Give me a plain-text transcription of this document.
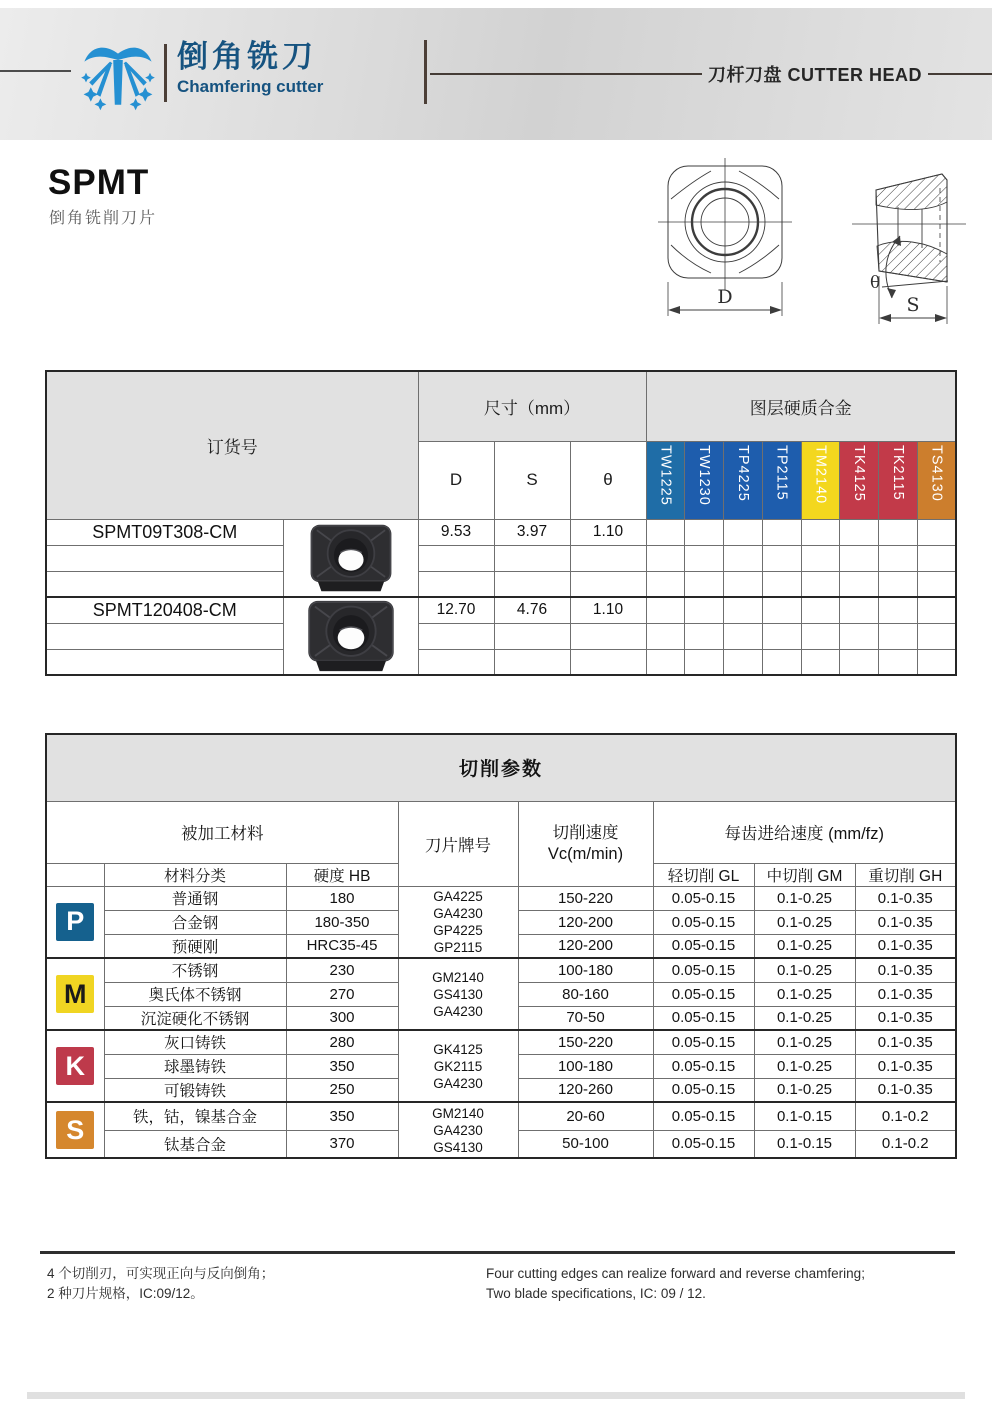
倒角铣刀
Chamfering cutter
刀杆刀盘 CUTTER HEAD
SPMT
倒角铣削刀片
D
θ
S
订货号		尺寸（mm）			图层硬质合金							
		D	S	θ	TW1225	TW1230	TP4225	TP2115	TM2140	TK4125	TK2115	TS4130

SPMT09T308-CM		9.53	3.97	1.10								

SPMT120408-CM		12.70	4.76	1.10								

切削参数							
被加工材料			刀片牌号	切削速度
Vc(m/min)	每齿进给速度 (mm/fz)		
	材料分类	硬度 HB			轻切削 GL	中切削 GM	重切削 GH

P	普通钢	180	GA4225
GA4230
GP4225
GP2115	150-220	0.05-0.15	0.1-0.25	0.1-0.35
	合金钢	180-350		120-200	0.05-0.15	0.1-0.25	0.1-0.35
	预硬刚	HRC35-45		120-200	0.05-0.15	0.1-0.25	0.1-0.35

M	不锈钢	230	GM2140
GS4130
GA4230	100-180	0.05-0.15	0.1-0.25	0.1-0.35
	奥氏体不锈钢	270		80-160	0.05-0.15	0.1-0.25	0.1-0.35
	沉淀硬化不锈钢	300		70-50	0.05-0.15	0.1-0.25	0.1-0.35

K	灰口铸铁	280	GK4125
GK2115
GA4230	150-220	0.05-0.15	0.1-0.25	0.1-0.35
	球墨铸铁	350		100-180	0.05-0.15	0.1-0.25	0.1-0.35
	可锻铸铁	250		120-260	0.05-0.15	0.1-0.25	0.1-0.35

S	铁，钴，镍基合金	350	GM2140
GA4230
GS4130	20-60	0.05-0.15	0.1-0.15	0.1-0.2
	钛基合金	370		50-100	0.05-0.15	0.1-0.15	0.1-0.2
4 个切削刃，可实现正向与反向倒角；
2 种刀片规格，IC:09/12。
Four cutting edges can realize forward and reverse chamfering;
Two blade specifications, IC: 09 / 12.
